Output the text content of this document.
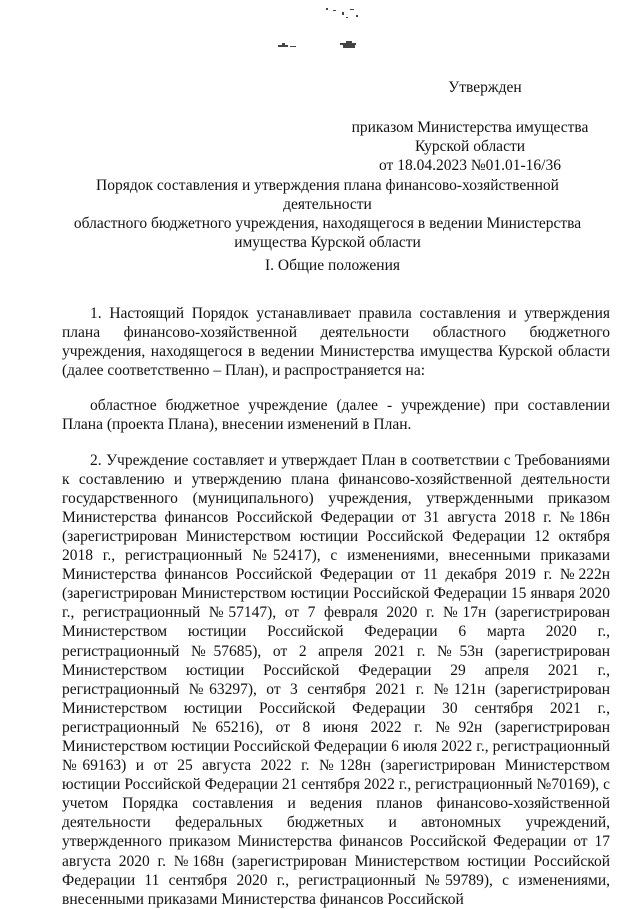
Утвержден
приказом Министерства имущества
Курской области
от 18.04.2023 №01.01-16/36
Порядок составления и утверждения плана финансово-хозяйственной деятельности
областного бюджетного учреждения, находящегося в ведении Министерства
имущества Курской области
I. Общие положения

1. Настоящий Порядок устанавливает правила составления и утверждения плана финансово-хозяйственной деятельности областного бюджетного учреждения, находящегося в ведении Министерства имущества Курской области (далее соответственно – План), и распространяется на:

областное бюджетное учреждение (далее - учреждение) при составлении Плана (проекта Плана), внесении изменений в План.

2. Учреждение составляет и утверждает План в соответствии с Требованиями к составлению и утверждению плана финансово-хозяйственной деятельности государственного (муниципального) учреждения, утвержденными приказом Министерства финансов Российской Федерации от 31 августа 2018 г. №186н (зарегистрирован Министерством юстиции Российской Федерации 12 октября 2018 г., регистрационный №52417), с изменениями, внесенными приказами Министерства финансов Российской Федерации от 11 декабря 2019 г. №222н (зарегистрирован Министерством юстиции Российской Федерации 15 января 2020 г., регистрационный №57147), от 7 февраля 2020 г. №17н (зарегистрирован Министерством юстиции Российской Федерации 6 марта 2020 г., регистрационный №57685), от 2 апреля 2021 г. №53н (зарегистрирован Министерством юстиции Российской Федерации 29 апреля 2021 г., регистрационный №63297), от 3 сентября 2021 г. №121н (зарегистрирован Министерством юстиции Российской Федерации 30 сентября 2021 г., регистрационный №65216), от 8 июня 2022 г. №92н (зарегистрирован Министерством юстиции Российской Федерации 6 июля 2022 г., регистрационный №69163) и от 25 августа 2022 г. №128н (зарегистрирован Министерством юстиции Российской Федерации 21 сентября 2022 г., регистрационный №70169), с учетом Порядка составления и ведения планов финансово-хозяйственной деятельности федеральных бюджетных и автономных учреждений, утвержденного приказом Министерства финансов Российской Федерации от 17 августа 2020 г. №168н (зарегистрирован Министерством юстиции Российской Федерации 11 сентября 2020 г., регистрационный №59789), с изменениями, внесенными приказами Министерства финансов Российской
